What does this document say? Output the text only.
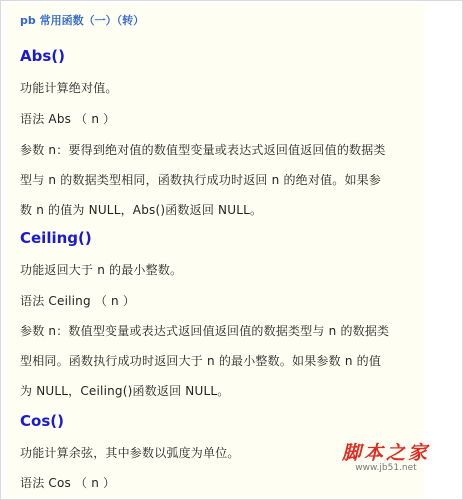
pb 常用函数（一）（转）
Abs()
功能计算绝对值。
语法 Abs （ n ）
参数 n：要得到绝对值的数值型变量或表达式返回值返回值的数据类
型与 n 的数据类型相同，函数执行成功时返回 n 的绝对值。如果参
数 n 的值为 NULL，Abs()函数返回 NULL。
Ceiling()
功能返回大于 n 的最小整数。
语法 Ceiling （ n ）
参数 n：数值型变量或表达式返回值返回值的数据类型与 n 的数据类
型相同。函数执行成功时返回大于 n 的最小整数。如果参数 n 的值
为 NULL，Ceiling()函数返回 NULL。
Cos()
功能计算余弦，其中参数以弧度为单位。
语法 Cos （ n ）
脚本之家
www.jb51.net
